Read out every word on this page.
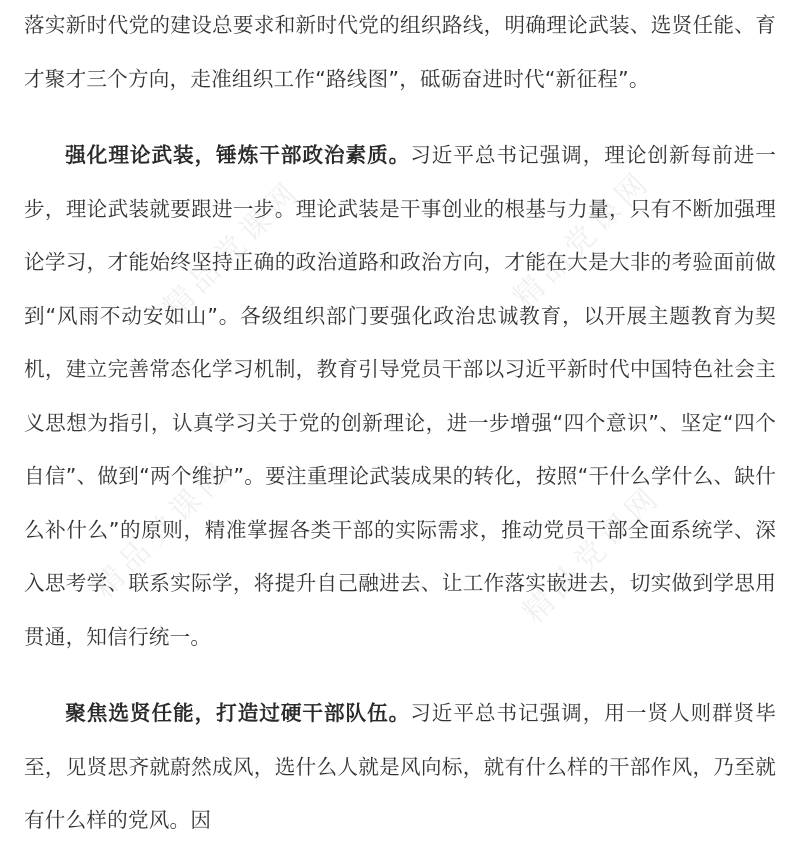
精品党课网	精品党课网
精品党课网	精品党课网

落实新时代党的建设总要求和新时代党的组织路线，明确理论武装、选贤任能、育才聚才三个方向，走准组织工作“路线图”，砥砺奋进时代“新征程”。

强化理论武装，锤炼干部政治素质。习近平总书记强调，理论创新每前进一步，理论武装就要跟进一步。理论武装是干事创业的根基与力量，只有不断加强理论学习，才能始终坚持正确的政治道路和政治方向，才能在大是大非的考验面前做到“风雨不动安如山”。各级组织部门要强化政治忠诚教育，以开展主题教育为契机，建立完善常态化学习机制，教育引导党员干部以习近平新时代中国特色社会主义思想为指引，认真学习关于党的创新理论，进一步增强“四个意识”、坚定“四个自信”、做到“两个维护”。要注重理论武装成果的转化，按照“干什么学什么、缺什么补什么”的原则，精准掌握各类干部的实际需求，推动党员干部全面系统学、深入思考学、联系实际学，将提升自己融进去、让工作落实嵌进去，切实做到学思用贯通，知信行统一。

聚焦选贤任能，打造过硬干部队伍。习近平总书记强调，用一贤人则群贤毕至，见贤思齐就蔚然成风，选什么人就是风向标，就有什么样的干部作风，乃至就有什么样的党风。因
